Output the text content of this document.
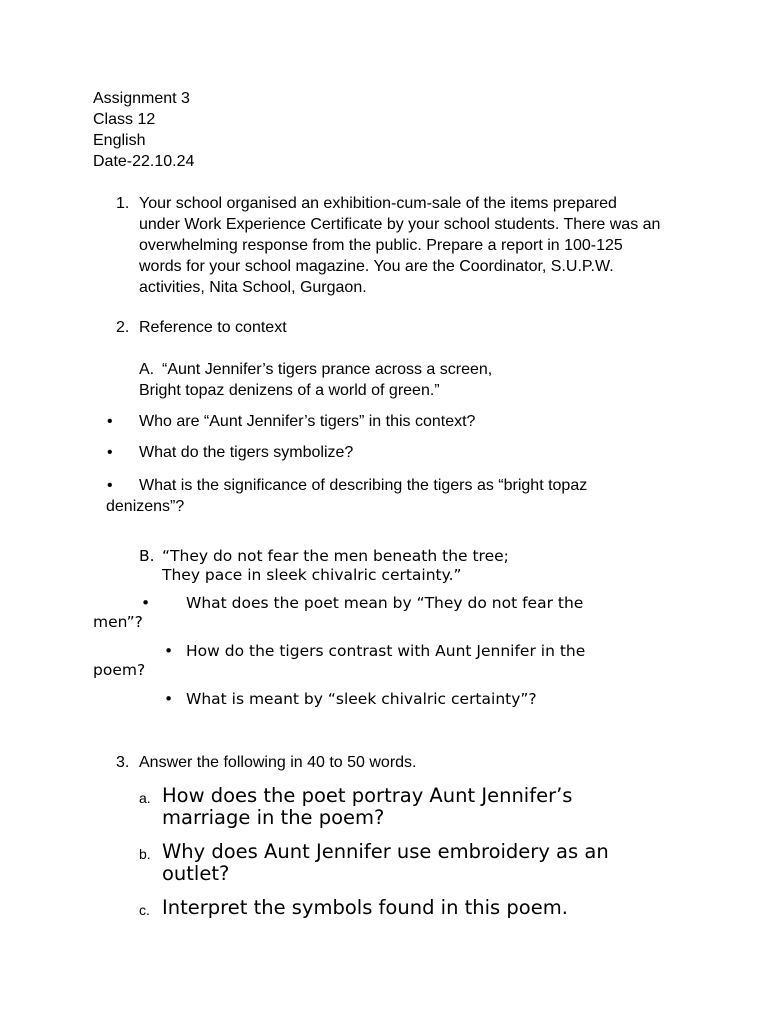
Assignment 3
Class 12
English
Date-22.10.24
1. Your school organised an exhibition-cum-sale of the items prepared
under Work Experience Certificate by your school students. There was an
overwhelming response from the public. Prepare a report in 100-125
words for your school magazine. You are the Coordinator, S.U.P.W.
activities, Nita School, Gurgaon.
2. Reference to context
A. “Aunt Jennifer’s tigers prance across a screen,
Bright topaz denizens of a world of green.”
• Who are “Aunt Jennifer’s tigers” in this context?
• What do the tigers symbolize?
• What is the significance of describing the tigers as “bright topaz
denizens”?
B. “They do not fear the men beneath the tree;
They pace in sleek chivalric certainty.”
• What does the poet mean by “They do not fear the
men”?
• How do the tigers contrast with Aunt Jennifer in the
poem?
• What is meant by “sleek chivalric certainty”?
3. Answer the following in 40 to 50 words.
a. How does the poet portray Aunt Jennifer’s
marriage in the poem?
b. Why does Aunt Jennifer use embroidery as an
outlet?
c. Interpret the symbols found in this poem.
